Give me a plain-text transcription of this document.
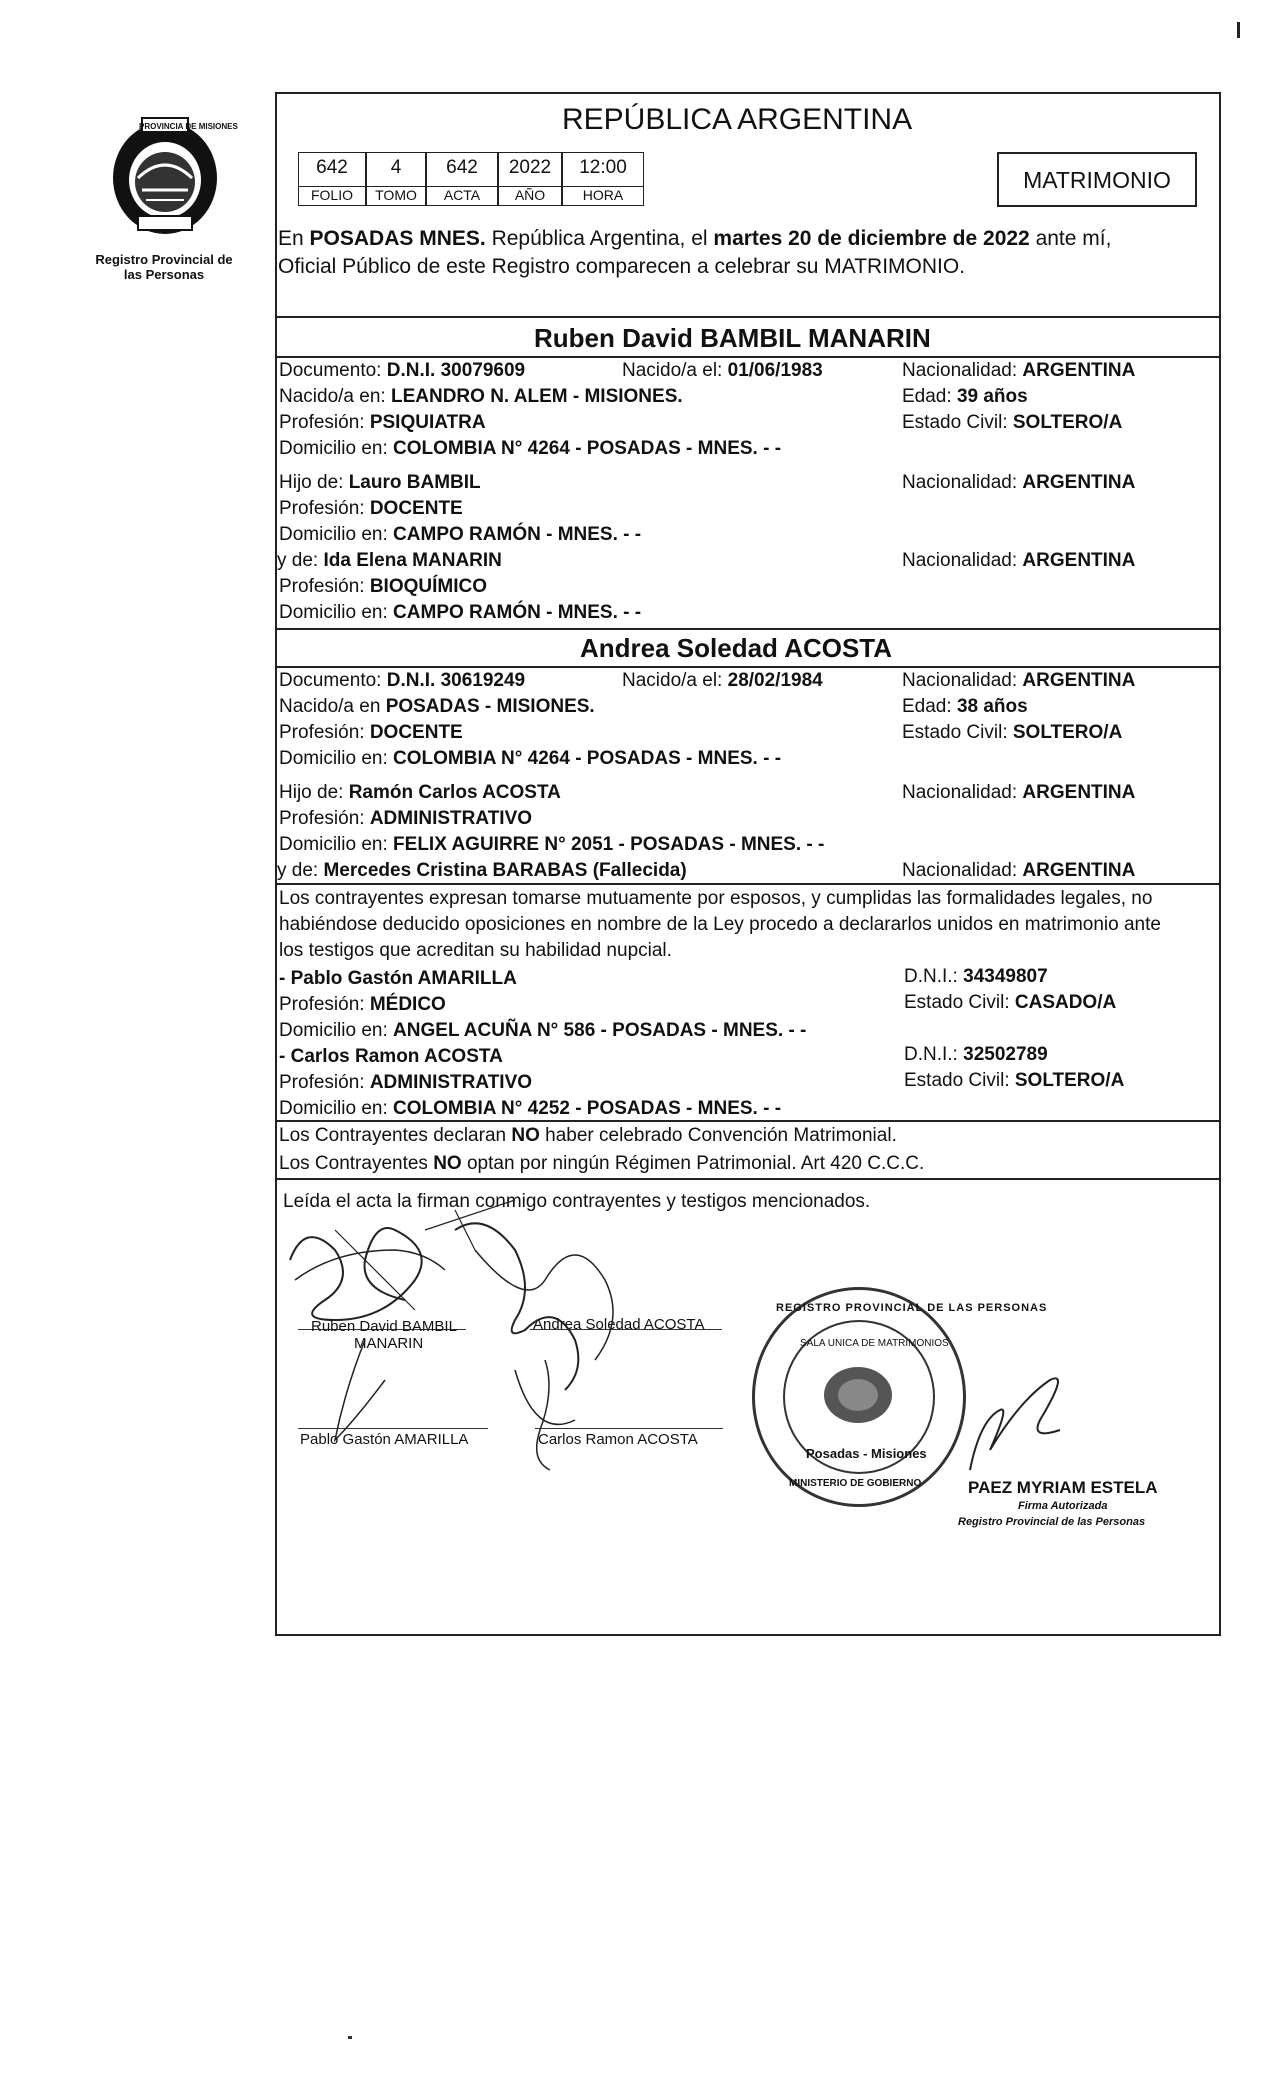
PROVINCIA DE MISIONES
Registro Provincial de las Personas
REPÚBLICA ARGENTINA
642	4	642	2022	12:00
FOLIO	TOMO	ACTA	AÑO	HORA
MATRIMONIO
En POSADAS MNES. República Argentina, el martes 20 de diciembre de 2022 ante mí,
Oficial Público de este Registro comparecen a celebrar su MATRIMONIO.
Ruben David BAMBIL MANARIN
Documento: D.N.I. 30079609	Nacido/a el: 01/06/1983	Nacionalidad: ARGENTINA
Nacido/a en: LEANDRO N. ALEM - MISIONES.	Edad: 39 años
Profesión: PSIQUIATRA	Estado Civil: SOLTERO/A
Domicilio en: COLOMBIA N° 4264 - POSADAS - MNES. - -
Hijo de: Lauro BAMBIL	Nacionalidad: ARGENTINA
Profesión: DOCENTE
Domicilio en: CAMPO RAMÓN - MNES. - -
y de: Ida Elena MANARIN	Nacionalidad: ARGENTINA
Profesión: BIOQUÍMICO
Domicilio en: CAMPO RAMÓN - MNES. - -
Andrea Soledad ACOSTA
Documento: D.N.I. 30619249	Nacido/a el: 28/02/1984	Nacionalidad: ARGENTINA
Nacido/a en POSADAS - MISIONES.	Edad: 38 años
Profesión: DOCENTE	Estado Civil: SOLTERO/A
Domicilio en: COLOMBIA N° 4264 - POSADAS - MNES. - -
Hijo de: Ramón Carlos ACOSTA	Nacionalidad: ARGENTINA
Profesión: ADMINISTRATIVO
Domicilio en: FELIX AGUIRRE N° 2051 - POSADAS - MNES. - -
y de: Mercedes Cristina BARABAS (Fallecida)	Nacionalidad: ARGENTINA
Los contrayentes expresan tomarse mutuamente por esposos, y cumplidas las formalidades legales, no
habiéndose deducido oposiciones en nombre de la Ley procedo a declararlos unidos en matrimonio ante
los testigos que acreditan su habilidad nupcial.
- Pablo Gastón AMARILLA	D.N.I.: 34349807
Profesión: MÉDICO	Estado Civil: CASADO/A
Domicilio en: ANGEL ACUÑA N° 586 - POSADAS - MNES. - -
- Carlos Ramon ACOSTA	D.N.I.: 32502789
Profesión: ADMINISTRATIVO	Estado Civil: SOLTERO/A
Domicilio en: COLOMBIA N° 4252 - POSADAS - MNES. - -
Los Contrayentes declaran NO haber celebrado Convención Matrimonial.
Los Contrayentes NO optan por ningún Régimen Patrimonial. Art 420 C.C.C.
Leída el acta la firman conmigo contrayentes y testigos mencionados.
Ruben David BAMBIL
MANARIN
Andrea Soledad ACOSTA
Pablo Gastón AMARILLA	Carlos Ramon ACOSTA
REGISTRO PROVINCIAL DE LAS PERSONAS
SALA UNICA DE MATRIMONIOS
Posadas - Misiones
MINISTERIO DE GOBIERNO	PAEZ MYRIAM ESTELA
Firma Autorizada
Registro Provincial de las Personas
